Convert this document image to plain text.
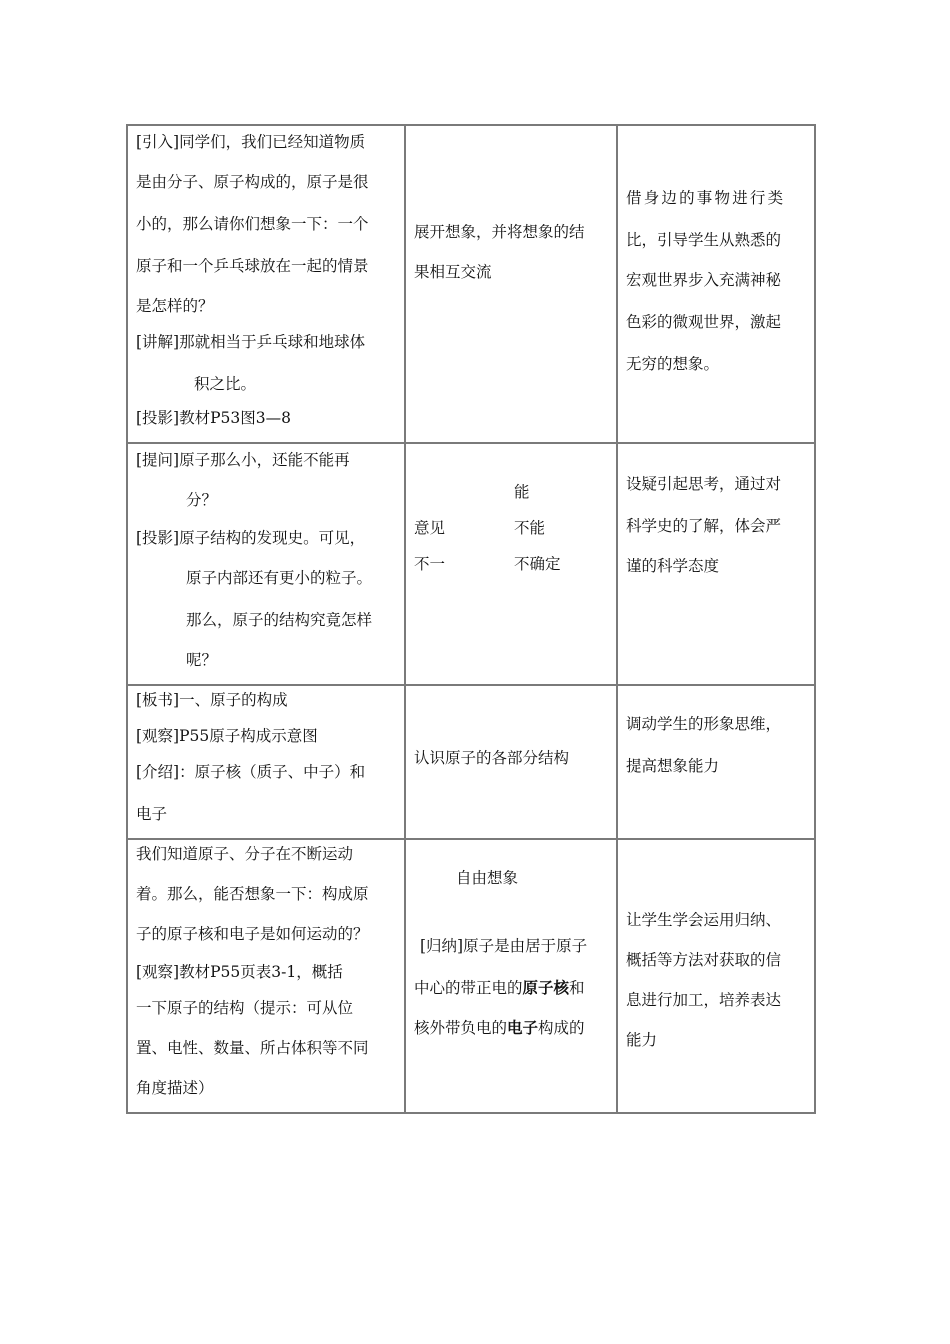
[引入]同学们，我们已经知道物质
是由分子、原子构成的，原子是很
小的，那么请你们想象一下：一个
原子和一个乒乓球放在一起的情景
是怎样的？
[讲解]那就相当于乒乓球和地球体
积之比。
[投影]教材P53图3—8
展开想象，并将想象的结
果相互交流
借身边的事物进行类
比，引导学生从熟悉的
宏观世界步入充满神秘
色彩的微观世界，激起
无穷的想象。
[提问]原子那么小，还能不能再
分？
[投影]原子结构的发现史。可见，
原子内部还有更小的粒子。
那么，原子的结构究竟怎样
呢？
能
意见	不能
不一	不确定
设疑引起思考，通过对
科学史的了解，体会严
谨的科学态度
[板书]一、原子的构成
[观察]P55原子构成示意图
[介绍]：原子核（质子、中子）和
电子
认识原子的各部分结构
调动学生的形象思维，
提高想象能力
我们知道原子、分子在不断运动
着。那么，能否想象一下：构成原
子的原子核和电子是如何运动的？
[观察]教材P55页表3-1，概括
一下原子的结构（提示：可从位
置、电性、数量、所占体积等不同
角度描述）
自由想象
[归纳]原子是由居于原子
中心的带正电的原子核和
核外带负电的电子构成的
让学生学会运用归纳、
概括等方法对获取的信
息进行加工，培养表达
能力
